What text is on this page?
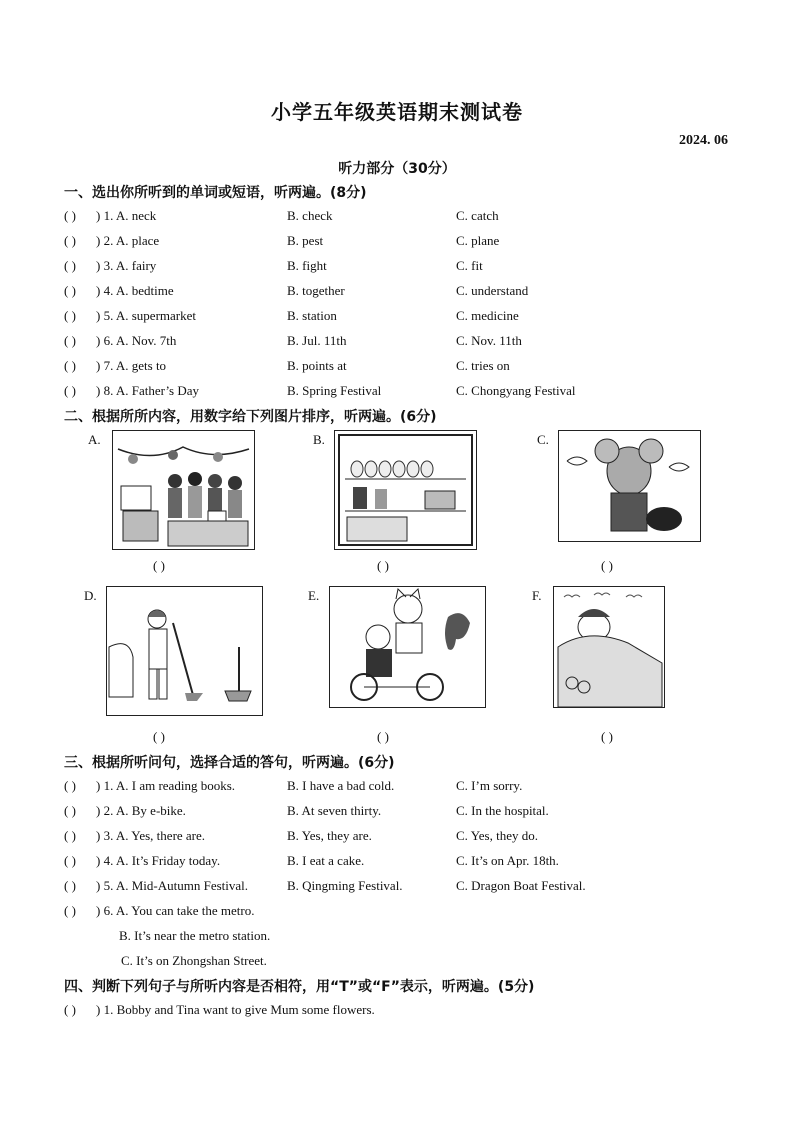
小学五年级英语期末测试卷
2024. 06
听力部分（30分）
一、选出你所听到的单词或短语，听两遍。(8分)
( ) ) 1. A. neck	B. check	C. catch
( ) ) 2. A. place	B. pest	C. plane
( ) ) 3. A. fairy	B. fight	C. fit
( ) ) 4. A. bedtime	B. together	C. understand
( ) ) 5. A. supermarket	B. station	C. medicine
( ) ) 6. A. Nov. 7th	B. Jul. 11th	C. Nov. 11th
( ) ) 7. A. gets to	B. points at	C. tries on
( ) ) 8. A. Father’s Day	B. Spring Festival	C. Chongyang Festival
二、根据所所内容，用数字给下列图片排序，听两遍。(6分)
A.
( )
B.
( )
C.
( )
D.
( )
E.
( )
F.
( )
三、根据所听问句，选择合适的答句，听两遍。(6分)
( ) ) 1. A. I am reading books.	B. I have a bad cold.	C. I’m sorry.
( ) ) 2. A. By e-bike.	B. At seven thirty.	C. In the hospital.
( ) ) 3. A. Yes, there are.	B. Yes, they are.	C. Yes, they do.
( ) ) 4. A. It’s Friday today.	B. I eat a cake.	C. It’s on Apr. 18th.
( ) ) 5. A. Mid-Autumn Festival.	B. Qingming Festival.	C. Dragon Boat Festival.
( ) ) 6. A. You can take the metro.
B. It’s near the metro station.
C. It’s on Zhongshan Street.
四、判断下列句子与所听内容是否相符，用“T”或“F”表示，听两遍。(5分)
( ) ) 1. Bobby and Tina want to give Mum some flowers.
